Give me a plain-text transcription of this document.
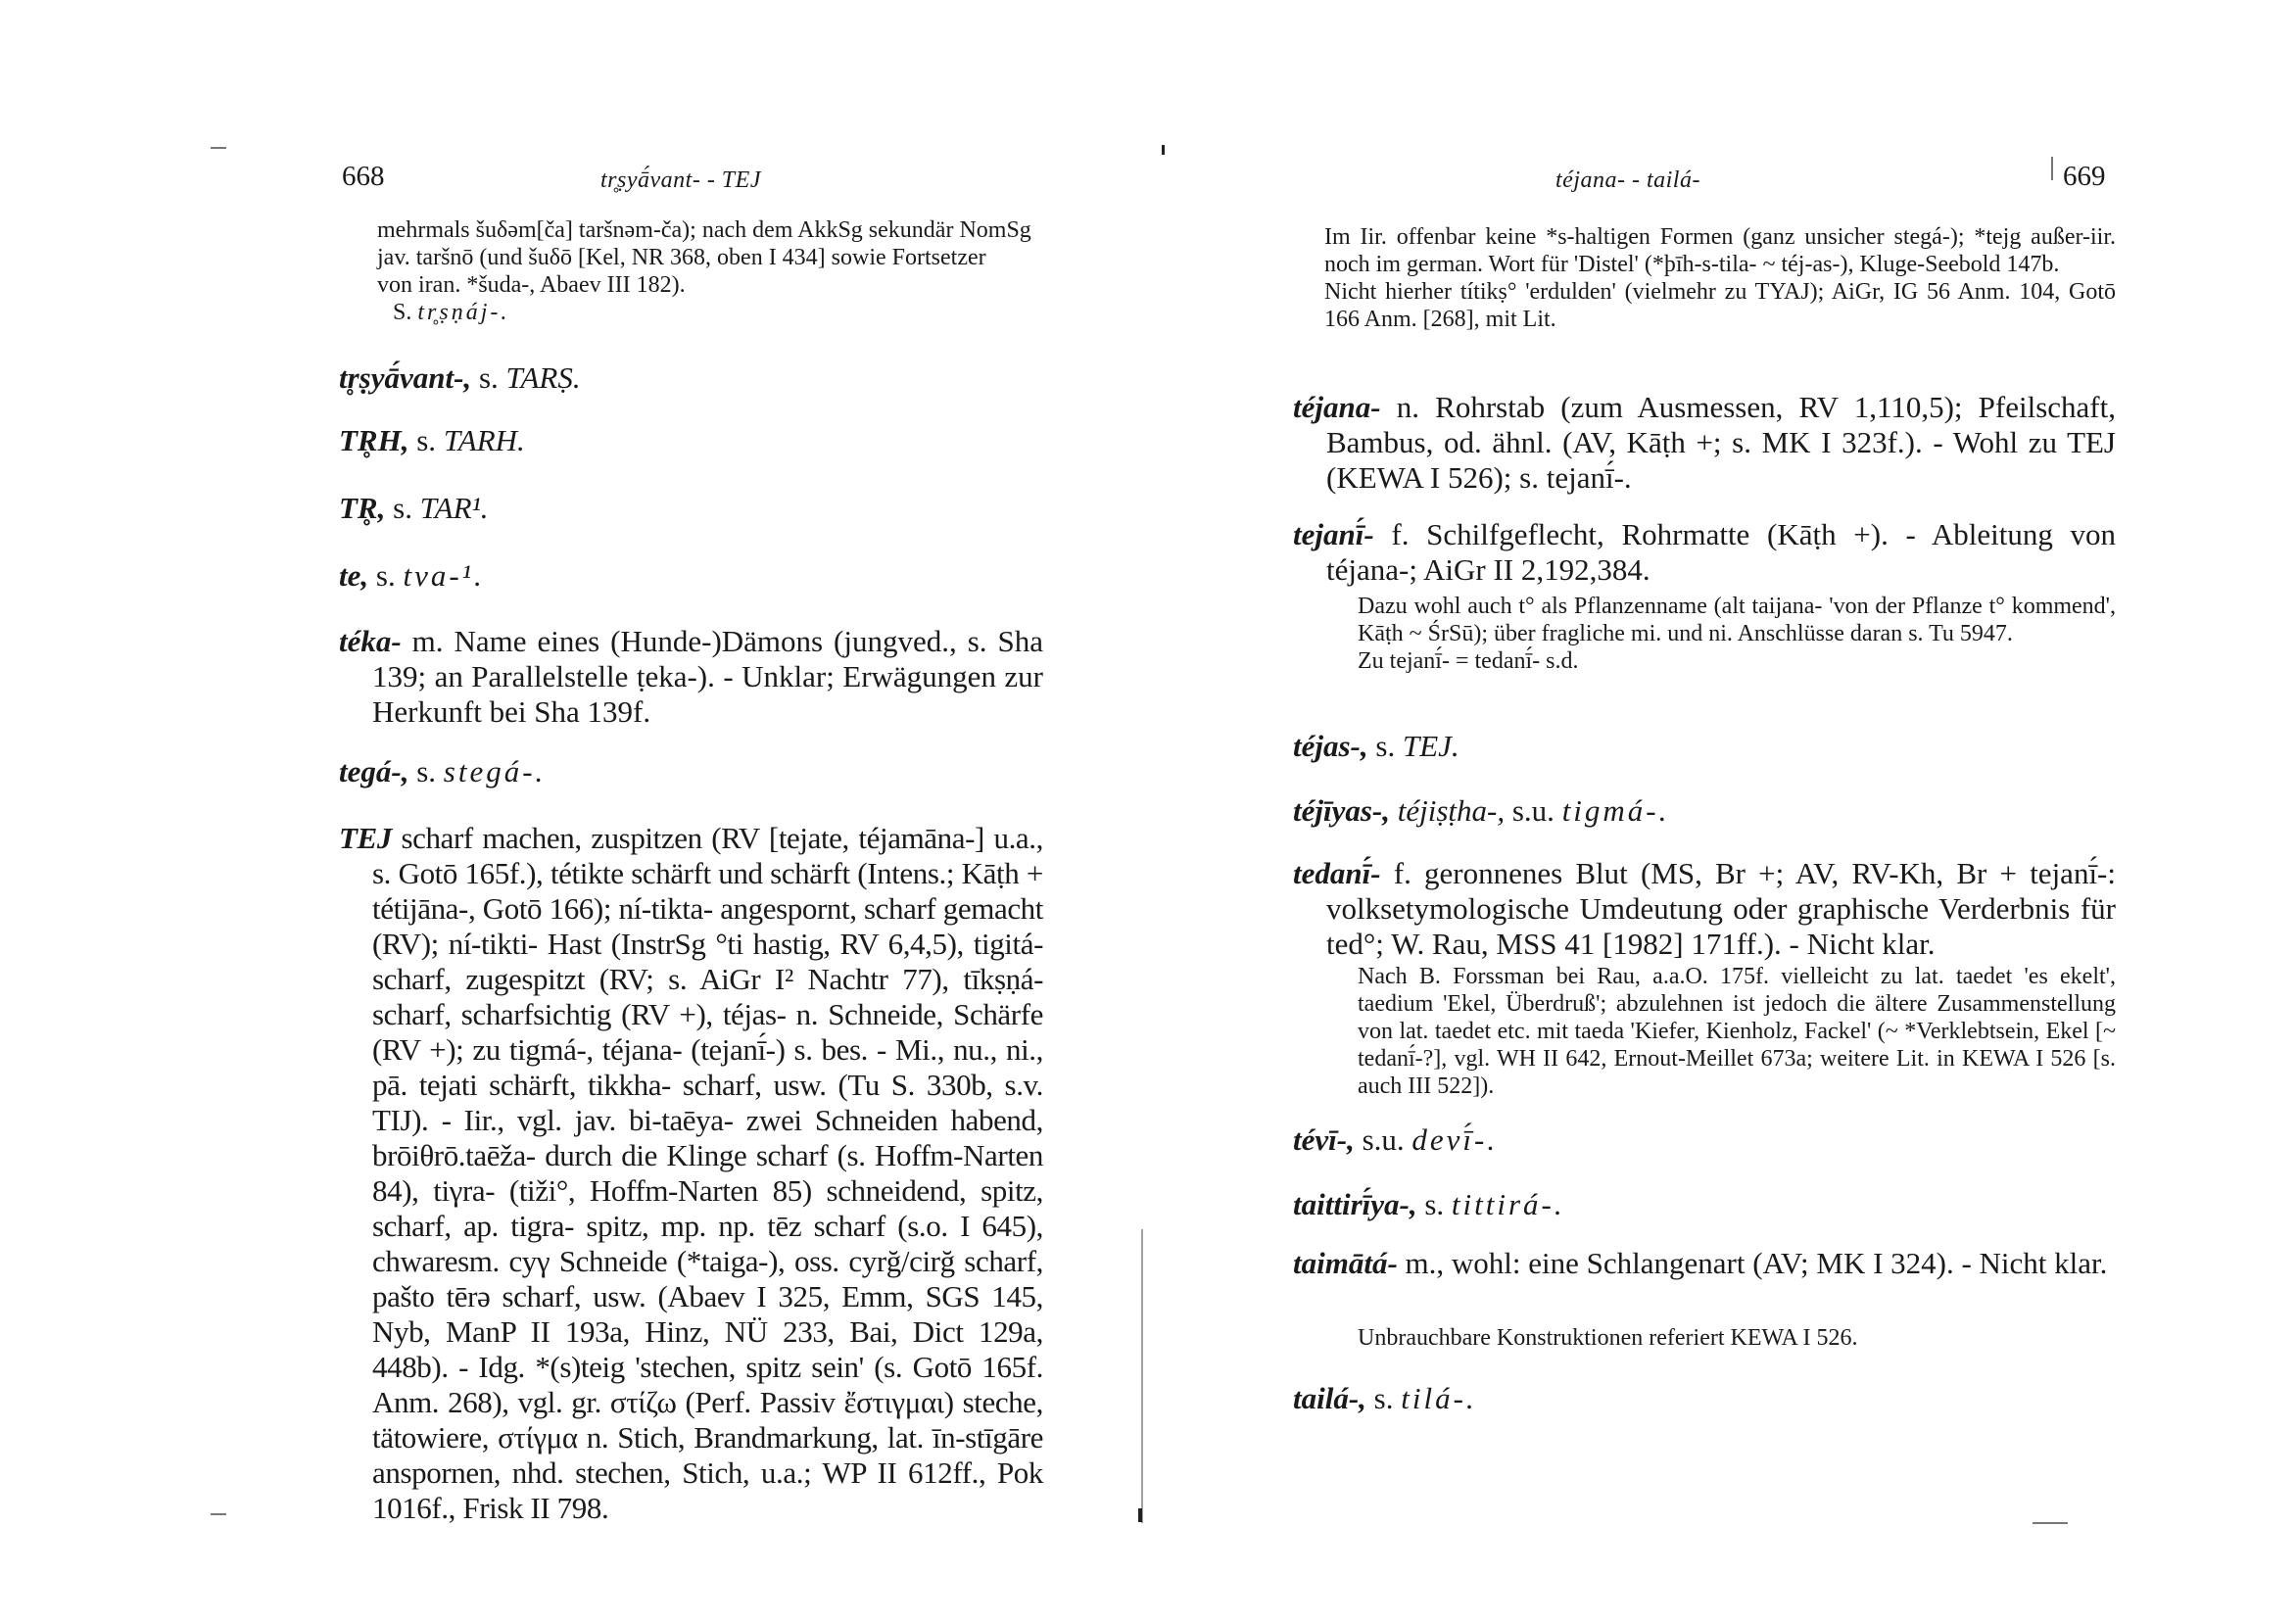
668	tr̥ṣyā́vant- - TEJ
mehrmals šuδǝm[ča] taršnǝm-ča); nach dem AkkSg sekundär NomSg
jav. taršnō (und šuδō [Kel, NR 368, oben I 434] sowie Fortsetzer
von iran. *šuda-, Abaev III 182).
S. tr̥ṣṇáj-.
tr̥ṣyā́vant-, s. TARṢ.
TR̥H, s. TARH.
TR̥, s. TAR¹.
te, s. tva-¹.
téka- m. Name eines (Hunde-)Dämons (jungved., s. Sha 139; an Parallelstelle ṭeka-). - Unklar; Erwägungen zur Herkunft bei Sha 139f.
tegá-, s. stegá-.
TEJ scharf machen, zuspitzen (RV [tejate, téjamāna-] u.a., s. Gotō 165f.), tétikte schärft und schärft (Intens.; Kāṭh + tétijāna-, Gotō 166); ní-tikta- angespornt, scharf gemacht (RV); ní-tikti- Hast (InstrSg °ti hastig, RV 6,4,5), tigitá- scharf, zugespitzt (RV; s. AiGr I² Nachtr 77), tīkṣṇá- scharf, scharfsichtig (RV +), téjas- n. Schneide, Schärfe (RV +); zu tigmá-, téjana- (tejanī́-) s. bes. - Mi., nu., ni., pā. tejati schärft, tikkha- scharf, usw. (Tu S. 330b, s.v. TIJ). - Iir., vgl. jav. bi-taēya- zwei Schneiden habend, brōiθrō.taēža- durch die Klinge scharf (s. Hoffm-Narten 84), tiγra- (tiži°, Hoffm-Narten 85) schneidend, spitz, scharf, ap. tigra- spitz, mp. np. tēz scharf (s.o. I 645), chwaresm. cyγ Schneide (*taiga-), oss. cyrğ/cirğ scharf, pašto tērǝ scharf, usw. (Abaev I 325, Emm, SGS 145, Nyb, ManP II 193a, Hinz, NÜ 233, Bai, Dict 129a, 448b). - Idg. *(s)teig 'stechen, spitz sein' (s. Gotō 165f. Anm. 268), vgl. gr. στίζω (Perf. Passiv ἔστιγμαι) steche, tätowiere, στίγμα n. Stich, Brandmarkung, lat. īn-stīgāre anspornen, nhd. stechen, Stich, u.a.; WP II 612ff., Pok 1016f., Frisk II 798.
téjana- - tailá-	669

Im Iir. offenbar keine *s-haltigen Formen (ganz unsicher stegá-); *tejg außer-iir. noch im german. Wort für 'Distel' (*þīh-s-tila- ~ téj-as-), Kluge-Seebold 147b.

Nicht hierher títikṣ° 'erdulden' (vielmehr zu TYAJ); AiGr, IG 56 Anm. 104, Gotō 166 Anm. [268], mit Lit.

téjana- n. Rohrstab (zum Ausmessen, RV 1,110,5); Pfeilschaft, Bambus, od. ähnl. (AV, Kāṭh +; s. MK I 323f.). - Wohl zu TEJ (KEWA I 526); s. tejanī́-.
tejanī́- f. Schilfgeflecht, Rohrmatte (Kāṭh +). - Ableitung von téjana-; AiGr II 2,192,384.

Dazu wohl auch t° als Pflanzenname (alt taijana- 'von der Pflanze t° kommend', Kāṭh ~ ŚrSū); über fragliche mi. und ni. Anschlüsse daran s. Tu 5947.

Zu tejanī́- = tedanī́- s.d.

téjas-, s. TEJ.
téjīyas-, téjiṣṭha-, s.u. tigmá-.
tedanī́- f. geronnenes Blut (MS, Br +; AV, RV-Kh, Br + tejanī́-: volksetymologische Umdeutung oder graphische Verderbnis für ted°; W. Rau, MSS 41 [1982] 171ff.). - Nicht klar.

Nach B. Forssman bei Rau, a.a.O. 175f. vielleicht zu lat. taedet 'es ekelt', taedium 'Ekel, Überdruß'; abzulehnen ist jedoch die ältere Zusammenstellung von lat. taedet etc. mit taeda 'Kiefer, Kienholz, Fackel' (~ *Verklebtsein, Ekel [~ tedanī́-?], vgl. WH II 642, Ernout-Meillet 673a; weitere Lit. in KEWA I 526 [s. auch III 522]).

tévī-, s.u. devī́-.
taittirī́ya-, s. tittirá-.
taimātá- m., wohl: eine Schlangenart (AV; MK I 324). - Nicht klar.

Unbrauchbare Konstruktionen referiert KEWA I 526.

tailá-, s. tilá-.
